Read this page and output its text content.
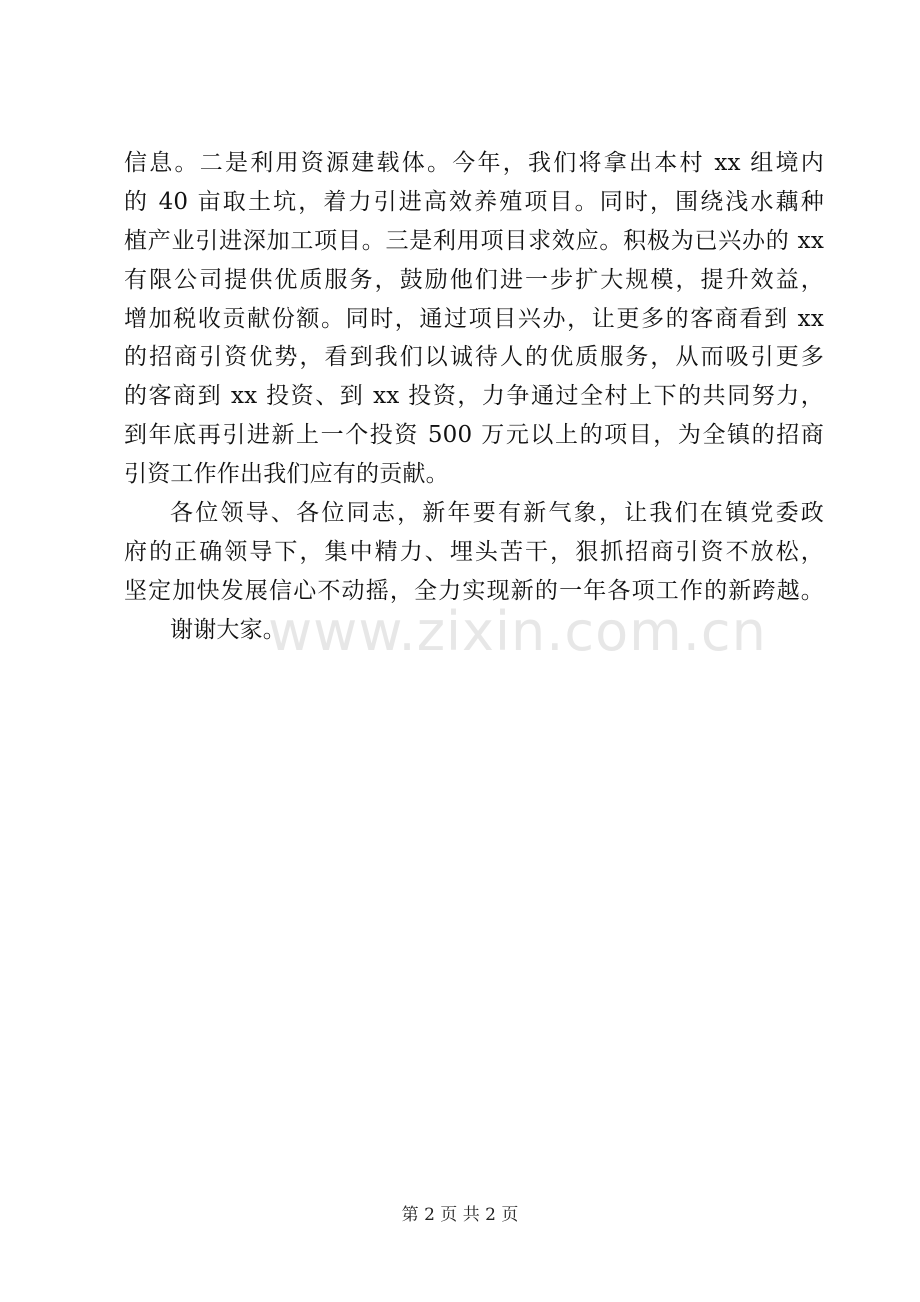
www.zixin.com.cn
信息。二是利用资源建载体。今年，我们将拿出本村 xx 组境内
的 40 亩取土坑，着力引进高效养殖项目。同时，围绕浅水藕种
植产业引进深加工项目。三是利用项目求效应。积极为已兴办的 xx
有限公司提供优质服务，鼓励他们进一步扩大规模，提升效益，
增加税收贡献份额。同时，通过项目兴办，让更多的客商看到 xx
的招商引资优势，看到我们以诚待人的优质服务，从而吸引更多
的客商到 xx 投资、到 xx 投资，力争通过全村上下的共同努力，
到年底再引进新上一个投资 500 万元以上的项目，为全镇的招商
引资工作作出我们应有的贡献。
各位领导、各位同志，新年要有新气象，让我们在镇党委政
府的正确领导下，集中精力、埋头苦干，狠抓招商引资不放松，
坚定加快发展信心不动摇，全力实现新的一年各项工作的新跨越。
谢谢大家。
第 2 页 共 2 页
